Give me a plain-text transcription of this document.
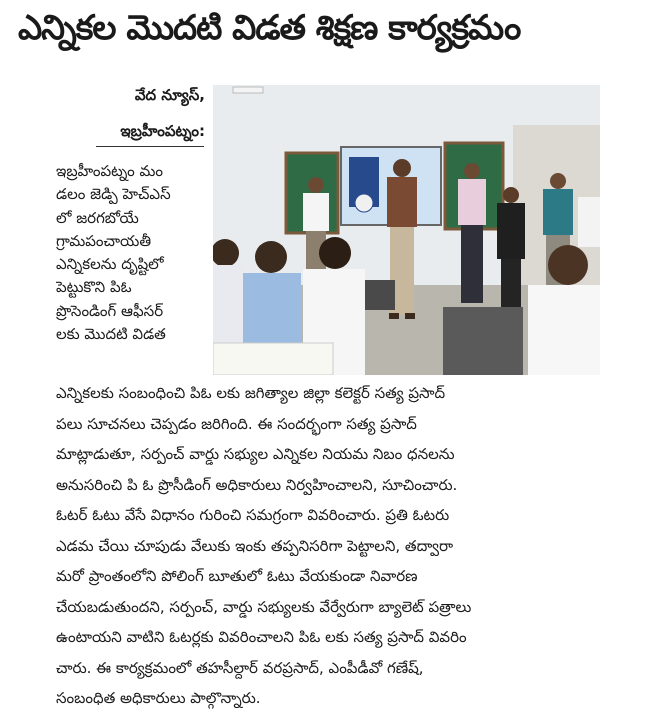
ఎన్నికల మొదటి విడత శిక్షణ కార్యక్రమం
వేద న్యూస్,
ఇబ్రహీంపట్నం:
ఇబ్రహీంపట్నం మం
డలం జెడ్పి హెచ్ఎస్
లో జరగబోయే
గ్రామపంచాయతీ
ఎన్నికలను దృష్టిలో
పెట్టుకొని పిఓ
ప్రొసెండింగ్ ఆఫీసర్
లకు మొదటి విడత
ఎన్నికలకు సంబంధించి పిఓ లకు జగిత్యాల జిల్లా కలెక్టర్ సత్య ప్రసాద్
పలు సూచనలు చెప్పడం జరిగింది. ఈ సందర్భంగా సత్య ప్రసాద్
మాట్లాడుతూ, సర్పంచ్ వార్డు సభ్యుల ఎన్నికల నియమ నిబం ధనలను
అనుసరించి పి ఓ ప్రొసీడింగ్ అధికారులు నిర్వహించాలని, సూచించారు.
ఓటర్ ఓటు వేసే విధానం గురించి సమగ్రంగా వివరించారు. ప్రతి ఓటరు
ఎడమ చేయి చూపుడు వేలుకు ఇంకు తప్పనిసరిగా పెట్టాలని, తద్వారా
మరో ప్రాంతంలోని పోలింగ్ బూతులో ఓటు వేయకుండా నివారణ
చేయబడుతుందని, సర్పంచ్, వార్డు సభ్యులకు వేర్వేరుగా బ్యాలెట్ పత్రాలు
ఉంటాయని వాటిని ఓటర్లకు వివరించాలని పిఓ లకు సత్య ప్రసాద్ వివరిం
చారు. ఈ కార్యక్రమంలో తహసీల్దార్ వరప్రసాద్, ఎంపీడీవో గణేష్,
సంబంధిత అధికారులు పాల్గొన్నారు.
